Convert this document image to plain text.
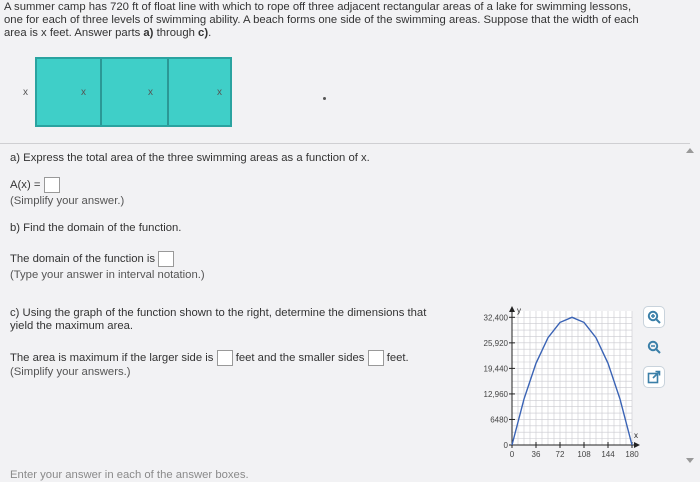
A summer camp has 720 ft of float line with which to rope off three adjacent rectangular areas of a lake for swimming lessons,
one for each of three levels of swimming ability. A beach forms one side of the swimming areas. Suppose that the width of each
area is x feet. Answer parts a) through c).
x	x	x	x
a) Express the total area of the three swimming areas as a function of x.
A(x) =
(Simplify your answer.)
b) Find the domain of the function.
The domain of the function is
(Type your answer in interval notation.)
c) Using the graph of the function shown to the right, determine the dimensions that
yield the maximum area.
The area is maximum if the larger side is feet and the smaller sides feet.
(Simplify your answers.)
y
x
0
6480
12,960
19,440
25,920
32,400
0 36 72 108 144 180
Enter your answer in each of the answer boxes.
